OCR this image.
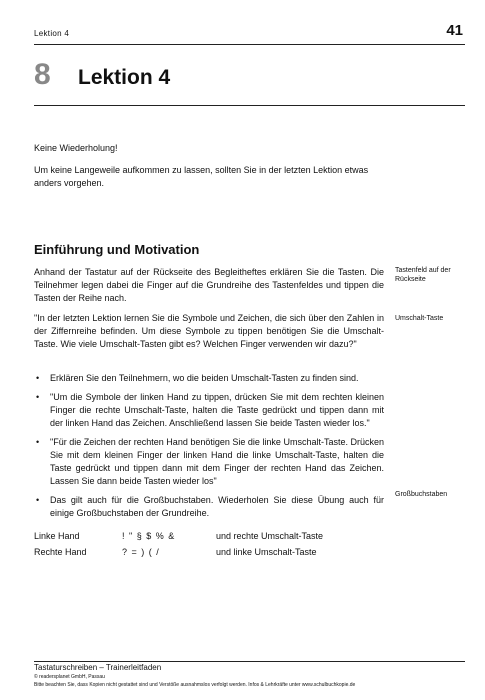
Lektion 4	41
8 Lektion 4
Keine Wiederholung!
Um keine Langeweile aufkommen zu lassen, sollten Sie in der letzten Lektion etwas anders vorgehen.
Einführung und Motivation
Anhand der Tastatur auf der Rückseite des Begleitheftes erklären Sie die Tasten. Die Teilnehmer legen dabei die Finger auf die Grundreihe des Tastenfeldes und tippen die Tasten der Reihe nach.
"In der letzten Lektion lernen Sie die Symbole und Zeichen, die sich über den Zahlen in der Ziffernreihe befinden. Um diese Symbole zu tippen benötigen Sie die Umschalt-Taste. Wie viele Umschalt-Tasten gibt es? Welchen Finger verwenden wir dazu?"
Tastenfeld auf der Rückseite
Umschalt-Taste
Großbuchstaben
• Erklären Sie den Teilnehmern, wo die beiden Umschalt-Tasten zu finden sind.
• "Um die Symbole der linken Hand zu tippen, drücken Sie mit dem rechten kleinen Finger die rechte Umschalt-Taste, halten die Taste gedrückt und tippen dann mit der linken Hand das Zeichen. Anschließend lassen Sie beide Tasten wieder los."
• "Für die Zeichen der rechten Hand benötigen Sie die linke Umschalt-Taste. Drücken Sie mit dem kleinen Finger der linken Hand die linke Umschalt-Taste, halten die Taste gedrückt und tippen dann mit dem Finger der rechten Hand das Zeichen. Lassen Sie dann beide Tasten wieder los"
• Das gilt auch für die Großbuchstaben. Wiederholen Sie diese Übung auch für einige Großbuchstaben der Grundreihe.
Linke Hand	! " § $ % &	und rechte Umschalt-Taste
Rechte Hand	? = ) ( /	und linke Umschalt-Taste
Tastaturschreiben – Trainerleitfaden
© readersplanet GmbH, Passau
Bitte beachten Sie, dass Kopien nicht gestattet sind und Verstöße ausnahmslos verfolgt werden. Infos & Lehrkräfte unter www.schulbuchkopie.de
